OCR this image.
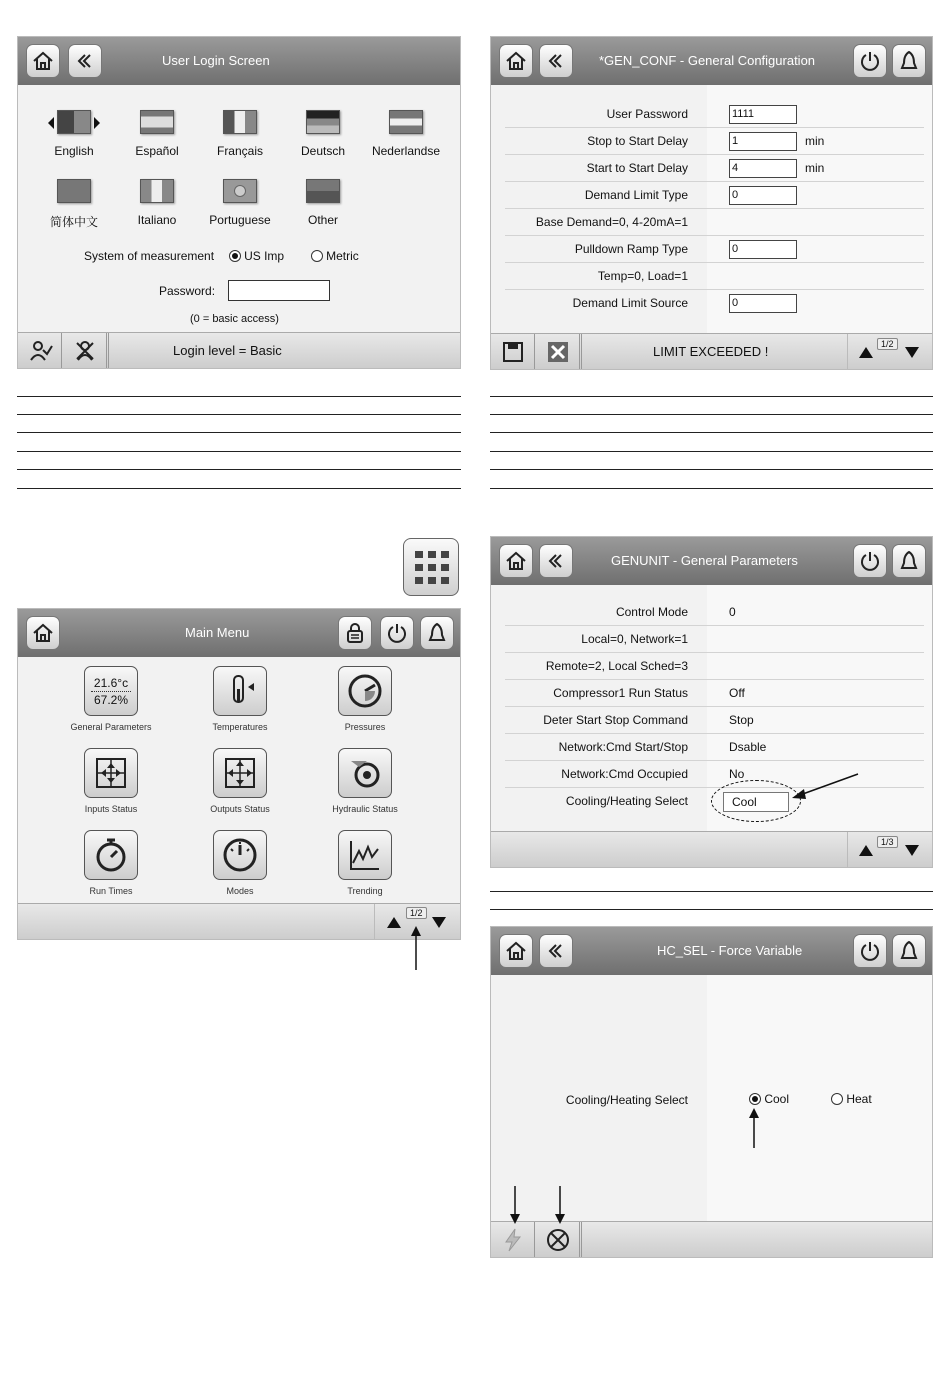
User Login Screen
English	Español	Français	Deutsch	Nederlandse
简体中文	Italiano	Portuguese	Other
System of measurement	US Imp	Metric
Password:
(0 = basic access)
Login level = Basic
*GEN_CONF - General Configuration
User Password	1111
Stop to Start Delay	1	min
Start to Start Delay	4	min
Demand Limit Type	0
Base Demand=0, 4-20mA=1
Pulldown Ramp Type	0
Temp=0, Load=1
Demand Limit Source	0
LIMIT EXCEEDED !	1/2
Main Menu
21.6°c
67.2%
General Parameters	Temperatures	Pressures
Inputs Status	Outputs Status	Hydraulic Status
Run Times	Modes	Trending
1/2
GENUNIT - General Parameters
Control Mode	0
Local=0, Network=1
Remote=2, Local Sched=3
Compressor1 Run Status	Off
Deter Start Stop Command	Stop
Network:Cmd Start/Stop	Dsable
Network:Cmd Occupied	No
Cooling/Heating Select	Cool
1/3
HC_SEL - Force Variable
Cooling/Heating Select	Cool	Heat
